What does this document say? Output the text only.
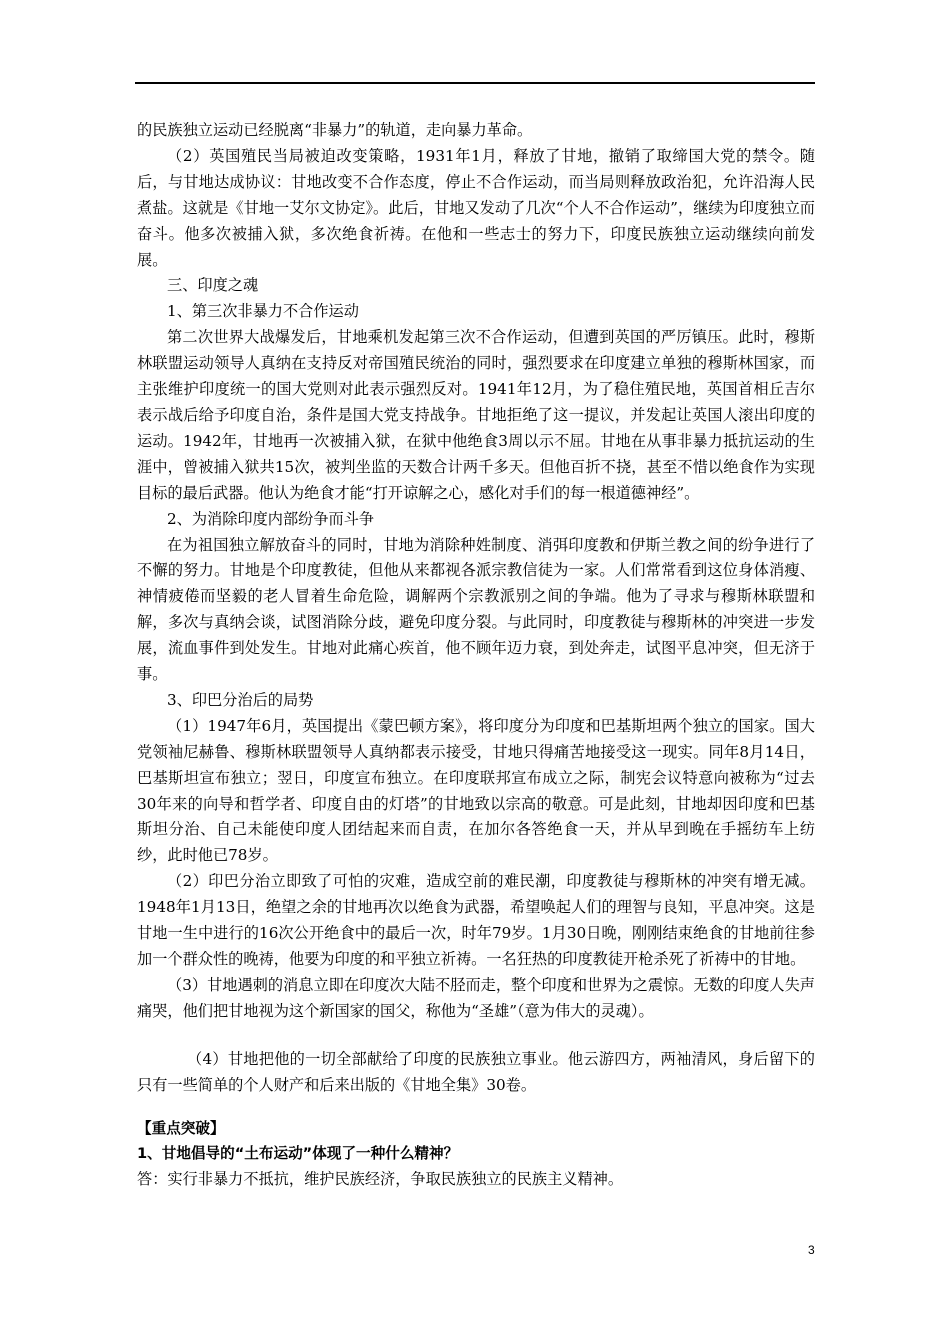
的民族独立运动已经脱离“非暴力”的轨道，走向暴力革命。

（2）英国殖民当局被迫改变策略，1931年1月，释放了甘地，撤销了取缔国大党的禁令。随后，与甘地达成协议：甘地改变不合作态度，停止不合作运动，而当局则释放政治犯，允许沿海人民煮盐。这就是《甘地一艾尔文协定》。此后，甘地又发动了几次“个人不合作运动”，继续为印度独立而奋斗。他多次被捕入狱，多次绝食祈祷。在他和一些志士的努力下，印度民族独立运动继续向前发展。

三、印度之魂

1、第三次非暴力不合作运动

第二次世界大战爆发后，甘地乘机发起第三次不合作运动，但遭到英国的严厉镇压。此时，穆斯林联盟运动领导人真纳在支持反对帝国殖民统治的同时，强烈要求在印度建立单独的穆斯林国家，而主张维护印度统一的国大党则对此表示强烈反对。1941年12月，为了稳住殖民地，英国首相丘吉尔表示战后给予印度自治，条件是国大党支持战争。甘地拒绝了这一提议，并发起让英国人滚出印度的运动。1942年，甘地再一次被捕入狱，在狱中他绝食3周以示不屈。甘地在从事非暴力抵抗运动的生涯中，曾被捕入狱共15次，被判坐监的天数合计两千多天。但他百折不挠，甚至不惜以绝食作为实现目标的最后武器。他认为绝食才能“打开谅解之心，感化对手们的每一根道德神经”。

2、为消除印度内部纷争而斗争

在为祖国独立解放奋斗的同时，甘地为消除种姓制度、消弭印度教和伊斯兰教之间的纷争进行了不懈的努力。甘地是个印度教徒，但他从来都视各派宗教信徒为一家。人们常常看到这位身体消瘦、神情疲倦而坚毅的老人冒着生命危险，调解两个宗教派别之间的争端。他为了寻求与穆斯林联盟和解，多次与真纳会谈，试图消除分歧，避免印度分裂。与此同时，印度教徒与穆斯林的冲突进一步发展，流血事件到处发生。甘地对此痛心疾首，他不顾年迈力衰，到处奔走，试图平息冲突，但无济于事。

3、印巴分治后的局势

（1）1947年6月，英国提出《蒙巴顿方案》，将印度分为印度和巴基斯坦两个独立的国家。国大党领袖尼赫鲁、穆斯林联盟领导人真纳都表示接受，甘地只得痛苦地接受这一现实。同年8月14日，巴基斯坦宣布独立；翌日，印度宣布独立。在印度联邦宣布成立之际，制宪会议特意向被称为“过去30年来的向导和哲学者、印度自由的灯塔”的甘地致以宗高的敬意。可是此刻，甘地却因印度和巴基斯坦分治、自己未能使印度人团结起来而自责，在加尔各答绝食一天，并从早到晚在手摇纺车上纺纱，此时他已78岁。

（2）印巴分治立即致了可怕的灾难，造成空前的难民潮，印度教徒与穆斯林的冲突有增无减。1948年1月13日，绝望之余的甘地再次以绝食为武器，希望唤起人们的理智与良知，平息冲突。这是甘地一生中进行的16次公开绝食中的最后一次，时年79岁。1月30日晚，刚刚结束绝食的甘地前往参加一个群众性的晚祷，他要为印度的和平独立祈祷。一名狂热的印度教徒开枪杀死了祈祷中的甘地。

（3）甘地遇刺的消息立即在印度次大陆不胫而走，整个印度和世界为之震惊。无数的印度人失声痛哭，他们把甘地视为这个新国家的国父，称他为“圣雄”（意为伟大的灵魂）。

（4）甘地把他的一切全部献给了印度的民族独立事业。他云游四方，两袖清风，身后留下的只有一些简单的个人财产和后来出版的《甘地全集》30卷。

【重点突破】

1、甘地倡导的“土布运动”体现了一种什么精神？

答：实行非暴力不抵抗，维护民族经济，争取民族独立的民族主义精神。

3
